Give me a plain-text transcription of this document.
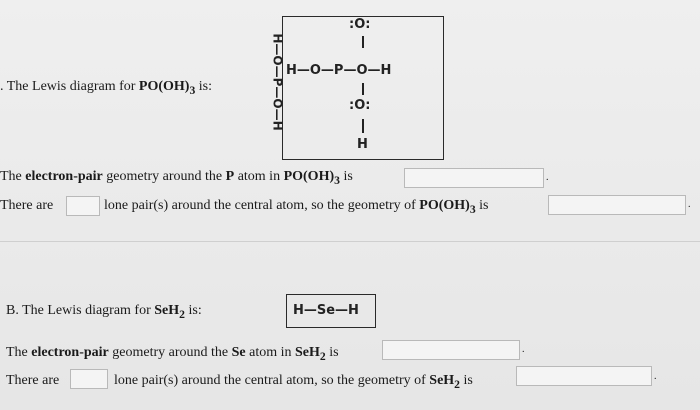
. The Lewis diagram for $PO(OH)_3$ is:
:O:
H—O—P—O—H
:O:
H
H—O—P—O—H
The electron-pair geometry around the P atom in $PO(OH)_3$ is	.
There are	lone pair(s) around the central atom, so the geometry of $PO(OH)_3$ is	.
B. The Lewis diagram for SeH$_2$ is:	H—Se—H
The electron-pair geometry around the Se atom in SeH$_2$ is	.
There are	lone pair(s) around the central atom, so the geometry of SeH$_2$ is	.
